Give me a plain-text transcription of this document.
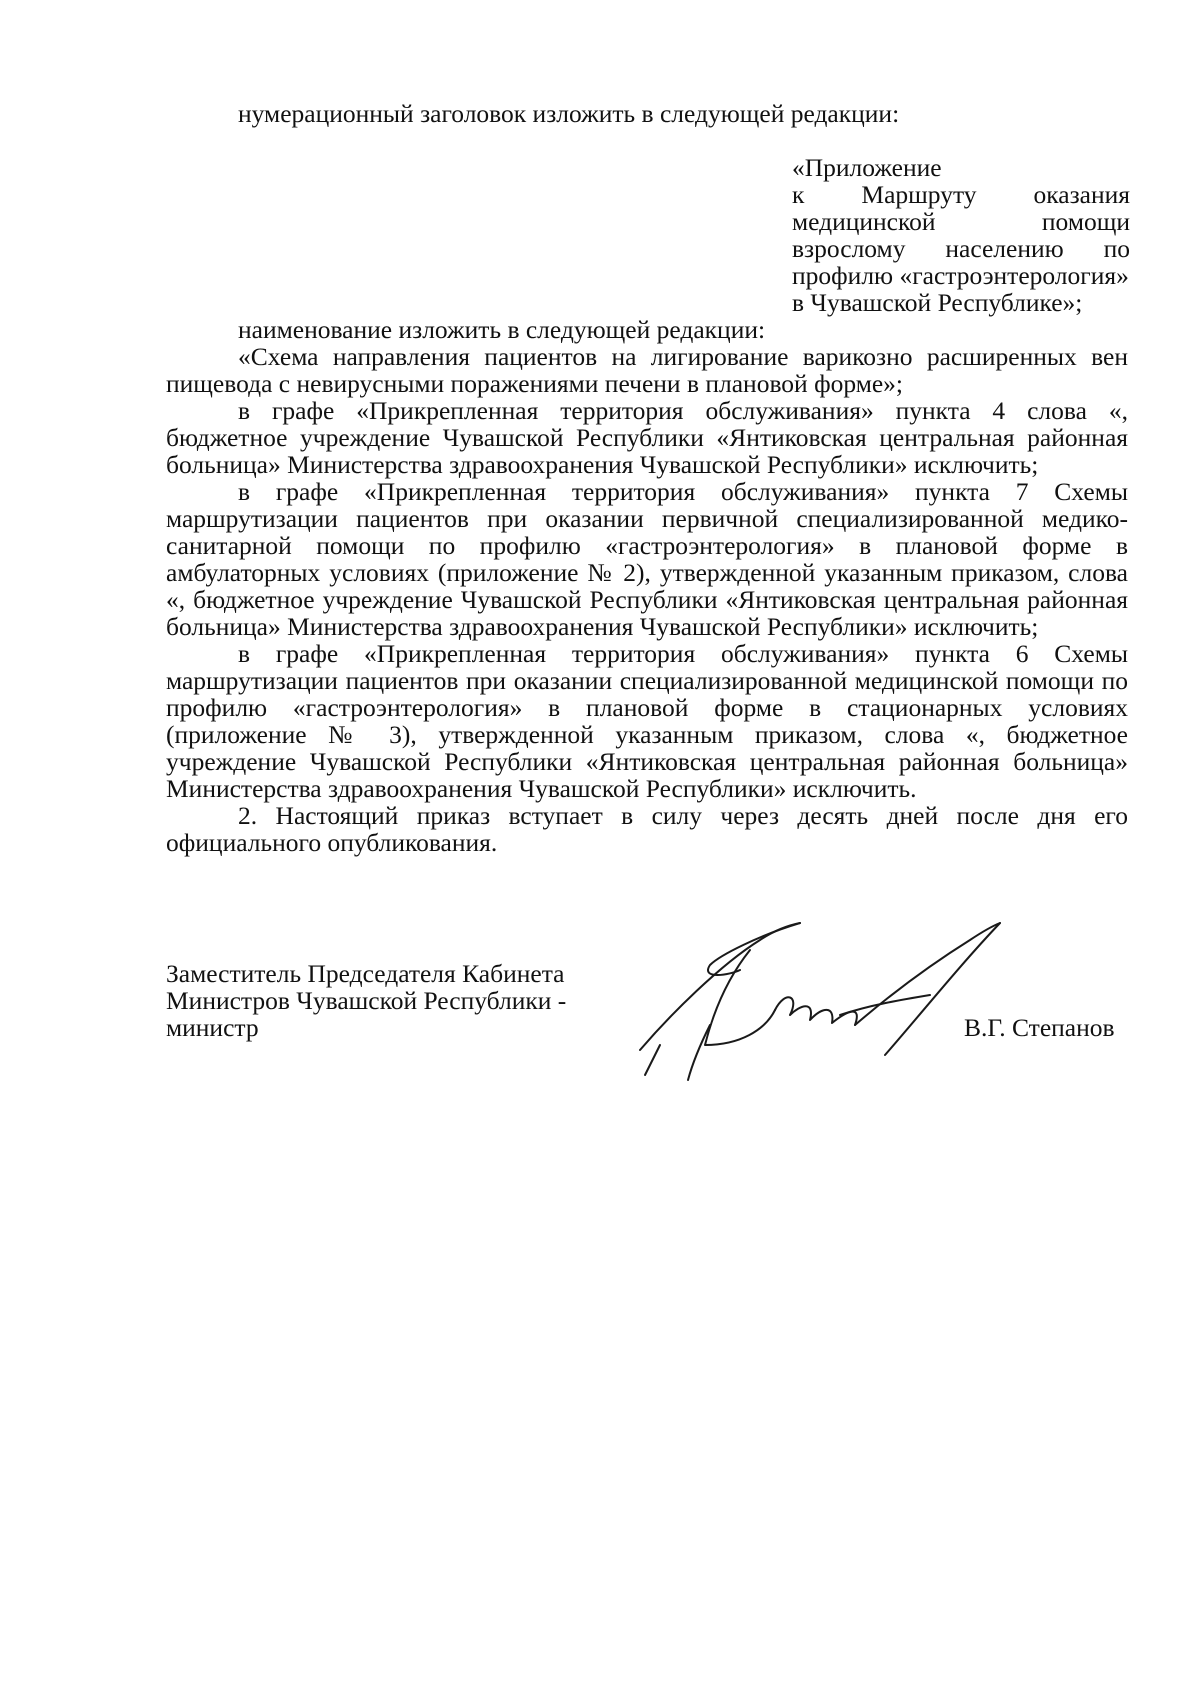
нумерационный заголовок изложить в следующей редакции:

«Приложение

к Маршруту оказания медицинской помощи взрослому населению по профилю «гастроэнтерология»

в Чувашской Республике»;

наименование изложить в следующей редакции:

«Схема направления пациентов на лигирование варикозно расширенных вен пищевода с невирусными поражениями печени в плановой форме»;

в графе «Прикрепленная территория обслуживания» пункта 4 слова «, бюджетное учреждение Чувашской Республики «Янтиковская центральная районная больница» Министерства здравоохранения Чувашской Республики» исключить;

в графе «Прикрепленная территория обслуживания» пункта 7 Схемы маршрутизации пациентов при оказании первичной специализированной медико-санитарной помощи по профилю «гастроэнтерология» в плановой форме в амбулаторных условиях (приложение № 2), утвержденной указанным приказом, слова «, бюджетное учреждение Чувашской Республики «Янтиковская центральная районная больница» Министерства здравоохранения Чувашской Республики» исключить;

в графе «Прикрепленная территория обслуживания» пункта 6 Схемы маршрутизации пациентов при оказании специализированной медицинской помощи по профилю «гастроэнтерология» в плановой форме в стационарных условиях (приложение № 3), утвержденной указанным приказом, слова «, бюджетное учреждение Чувашской Республики «Янтиковская центральная районная больница» Министерства здравоохранения Чувашской Республики» исключить.

2. Настоящий приказ вступает в силу через десять дней после дня его официального опубликования.

Заместитель Председателя Кабинета
Министров Чувашской Республики -
министр	В.Г. Степанов
